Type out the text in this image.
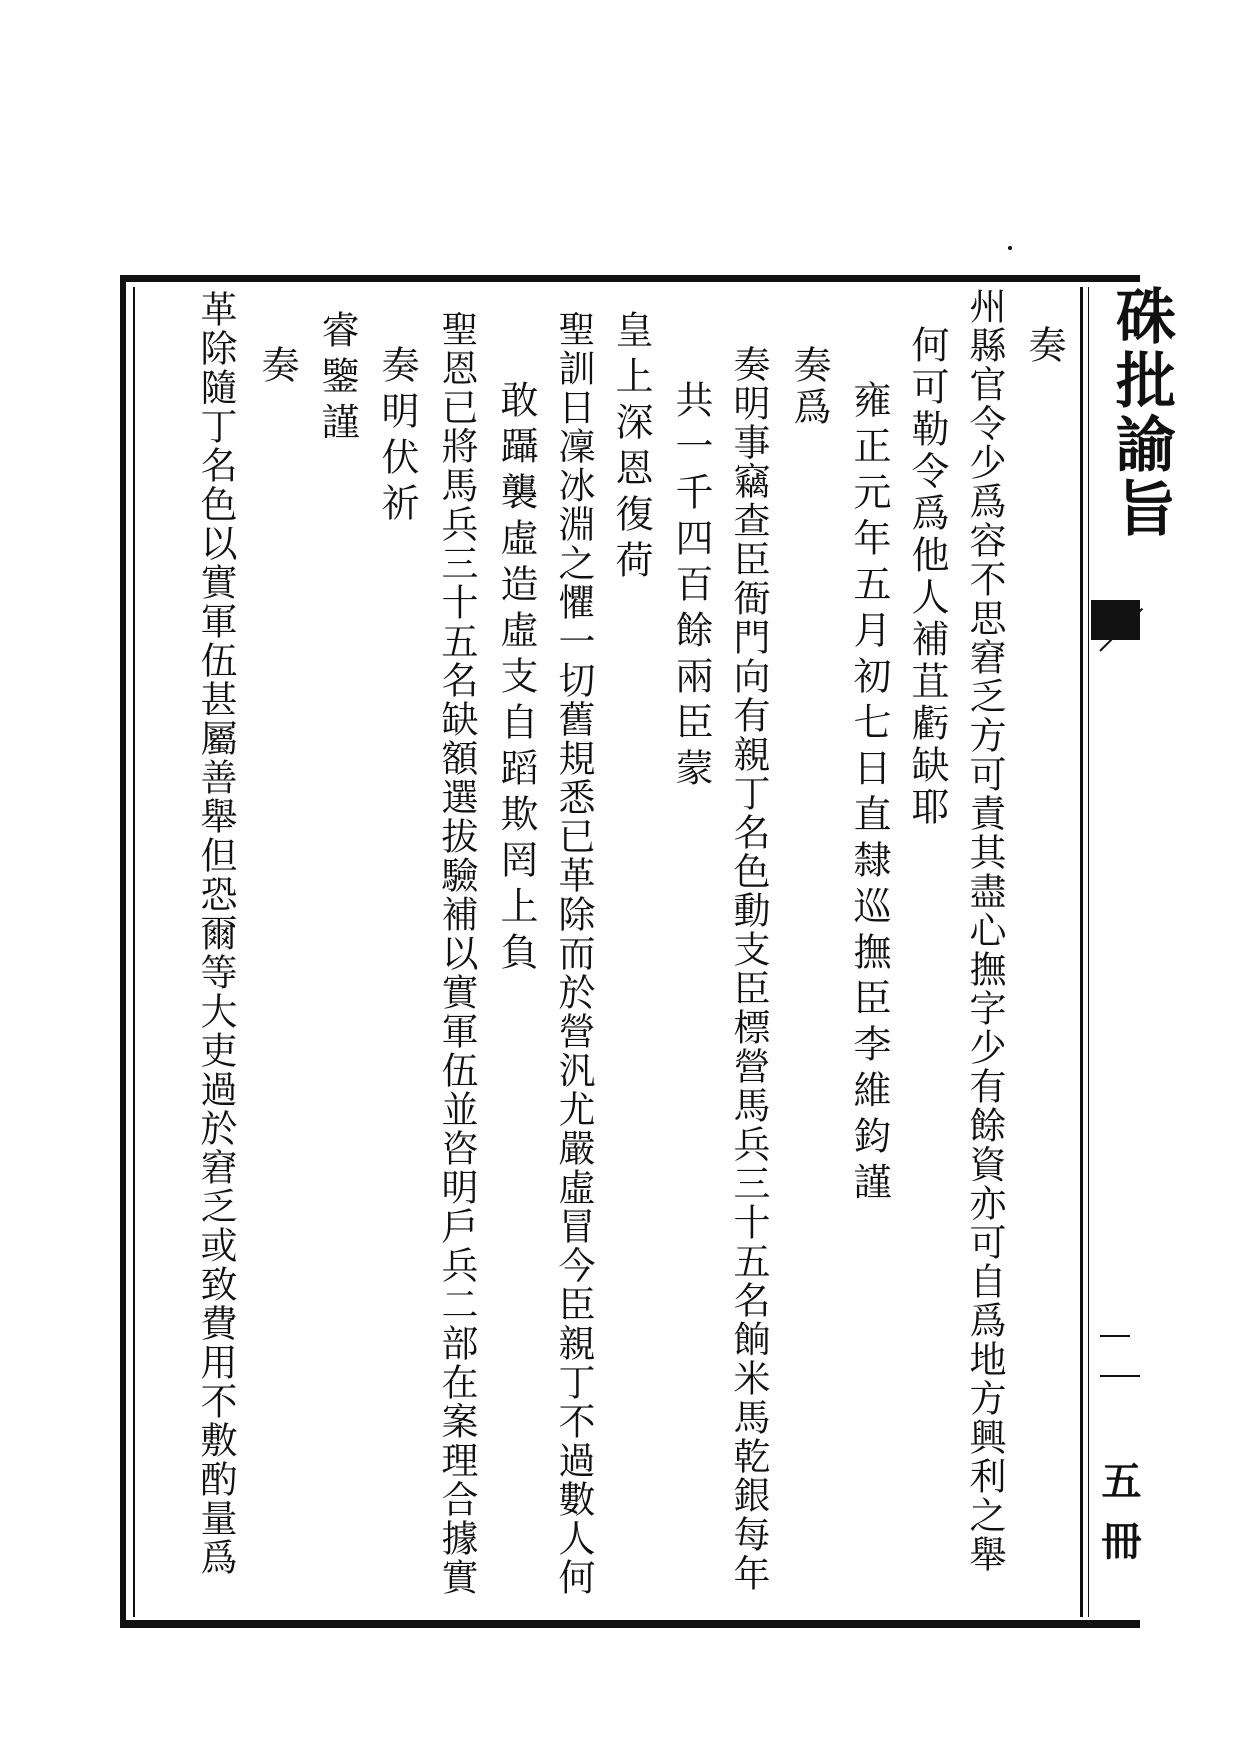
奏
州縣官令少爲容不思窘乏方可責其盡心撫字少有餘資亦可自爲地方興利之舉
何可勒令爲他人補苴虧缺耶
雍正元年五月初七日直隸巡撫臣李維鈞謹
奏爲
奏明事竊查臣衙門向有親丁名色動支臣標營馬兵三十五名餉米馬乾銀每年
共一千四百餘兩臣蒙
皇上深恩復荷
聖訓日凜冰淵之懼一切舊規悉已革除而於營汎尤嚴虛冒今臣親丁不過數人何
敢躡襲虛造虛支自蹈欺罔上負
聖恩已將馬兵三十五名缺額選拔驗補以實軍伍並咨明戶兵二部在案理合據實
奏明伏祈
睿鑒謹
奏
革除隨丁名色以實軍伍甚屬善舉但恐爾等大吏過於窘乏或致費用不敷酌量爲	硃批諭旨
五冊
